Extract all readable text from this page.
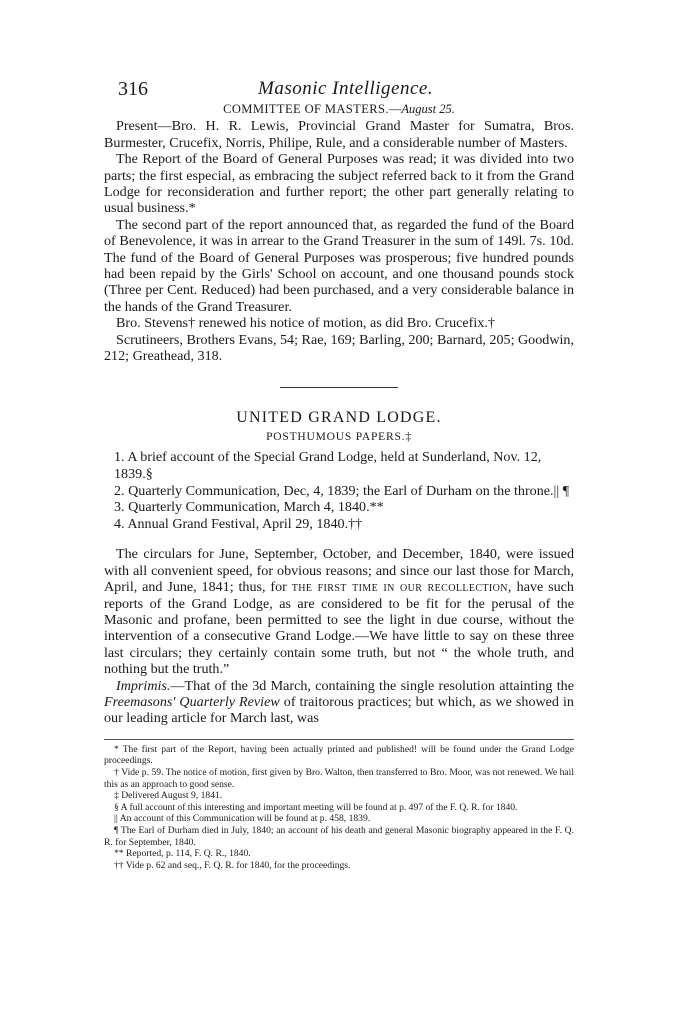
316	Masonic Intelligence.

COMMITTEE OF MASTERS.—August 25.

Present—Bro. H. R. Lewis, Provincial Grand Master for Sumatra, Bros. Burmester, Crucefix, Norris, Philipe, Rule, and a considerable number of Masters.

The Report of the Board of General Purposes was read; it was divided into two parts; the first especial, as embracing the subject referred back to it from the Grand Lodge for reconsideration and further report; the other part generally relating to usual business.*

The second part of the report announced that, as regarded the fund of the Board of Benevolence, it was in arrear to the Grand Treasurer in the sum of 149l. 7s. 10d. The fund of the Board of General Purposes was prosperous; five hundred pounds had been repaid by the Girls' School on account, and one thousand pounds stock (Three per Cent. Reduced) had been purchased, and a very considerable balance in the hands of the Grand Treasurer.

Bro. Stevens† renewed his notice of motion, as did Bro. Crucefix.†

Scrutineers, Brothers Evans, 54; Rae, 169; Barling, 200; Barnard, 205; Goodwin, 212; Greathead, 318.

UNITED GRAND LODGE.

POSTHUMOUS PAPERS.‡

1. A brief account of the Special Grand Lodge, held at Sunderland, Nov. 12, 1839.§
2. Quarterly Communication, Dec, 4, 1839; the Earl of Durham on the throne.|| ¶
3. Quarterly Communication, March 4, 1840.**
4. Annual Grand Festival, April 29, 1840.††

The circulars for June, September, October, and December, 1840, were issued with all convenient speed, for obvious reasons; and since our last those for March, April, and June, 1841; thus, for the first time in our recollection, have such reports of the Grand Lodge, as are considered to be fit for the perusal of the Masonic and profane, been permitted to see the light in due course, without the intervention of a consecutive Grand Lodge.—We have little to say on these three last circulars; they certainly contain some truth, but not “ the whole truth, and nothing but the truth.”

Imprimis.—That of the 3d March, containing the single resolution attainting the Freemasons' Quarterly Review of traitorous practices; but which, as we showed in our leading article for March last, was

* The first part of the Report, having been actually printed and published! will be found under the Grand Lodge proceedings.

† Vide p. 59. The notice of motion, first given by Bro. Walton, then transferred to Bro. Moor, was not renewed. We hail this as an approach to good sense.

‡ Delivered August 9, 1841.

§ A full account of this interesting and important meeting will be found at p. 497 of the F. Q. R. for 1840.

|| An account of this Communication will be found at p. 458, 1839.

¶ The Earl of Durham died in July, 1840; an account of his death and general Masonic biography appeared in the F. Q. R. for September, 1840.

** Reported, p. 114, F. Q. R., 1840.

†† Vide p. 62 and seq., F. Q. R. for 1840, for the proceedings.
